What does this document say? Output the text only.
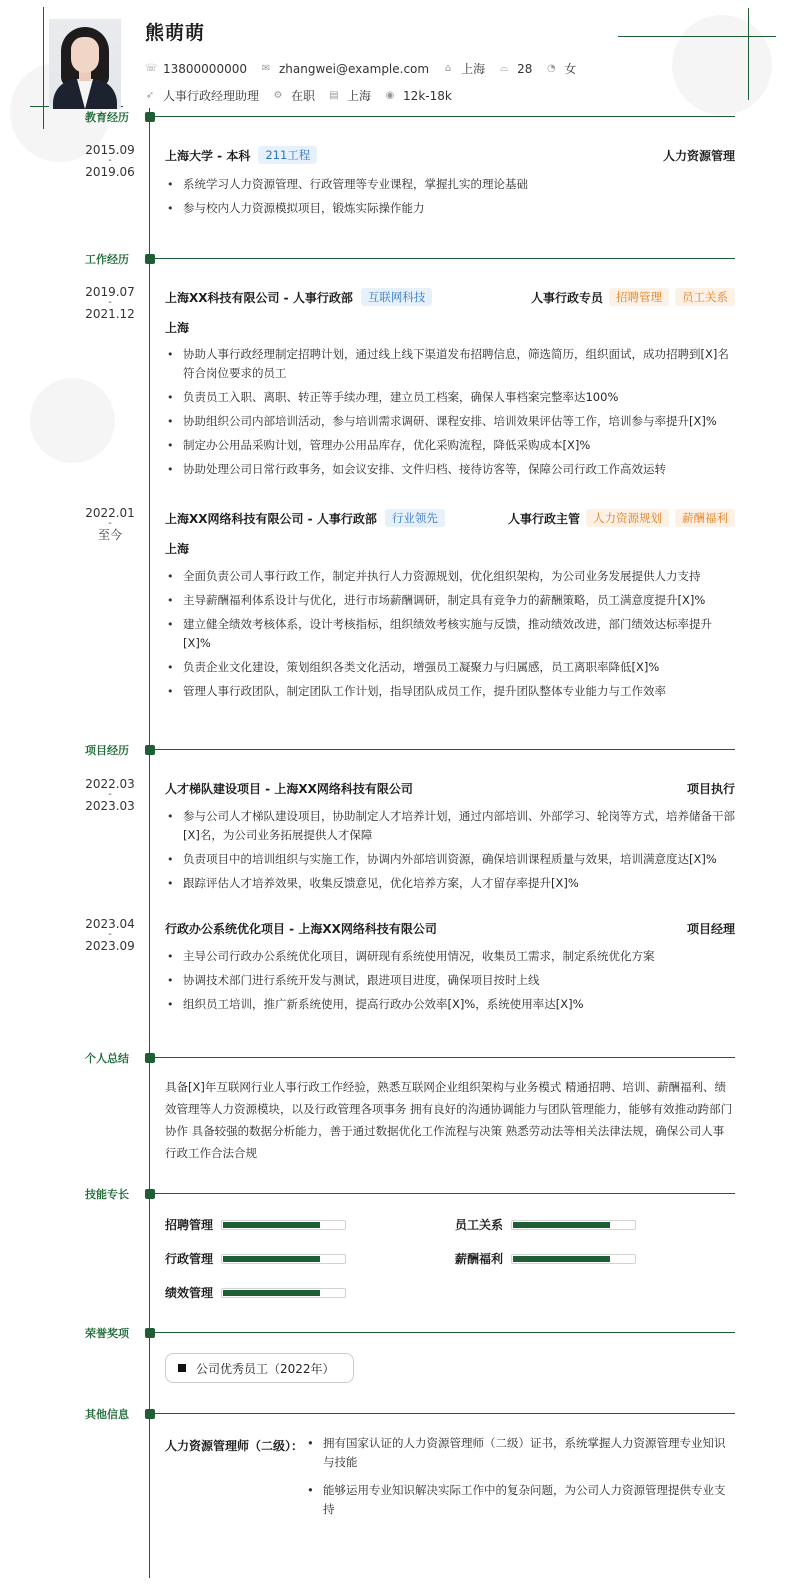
熊萌萌
☏ 13800000000 ✉ zhangwei@example.com ⌂ 上海 ⌓ 28 ◔ 女
➶ 人事行政经理助理 ⚙ 在职 ▤ 上海 ◉ 12k-18k
教育经历
2015.09
-
2019.06
上海大学 - 本科	211工程	人力资源管理
• 系统学习人力资源管理、行政管理等专业课程，掌握扎实的理论基础
• 参与校内人力资源模拟项目，锻炼实际操作能力
工作经历
2019.07
-
2021.12
上海XX科技有限公司 - 人事行政部	互联网科技	人事行政专员	招聘管理	员工关系
上海
• 协助人事行政经理制定招聘计划，通过线上线下渠道发布招聘信息，筛选简历，组织面试，成功招聘到[X]名符合岗位要求的员工
• 负责员工入职、离职、转正等手续办理，建立员工档案，确保人事档案完整率达100%
• 协助组织公司内部培训活动，参与培训需求调研、课程安排、培训效果评估等工作，培训参与率提升[X]%
• 制定办公用品采购计划，管理办公用品库存，优化采购流程，降低采购成本[X]%
• 协助处理公司日常行政事务，如会议安排、文件归档、接待访客等，保障公司行政工作高效运转
2022.01
-
至今
上海XX网络科技有限公司 - 人事行政部	行业领先	人事行政主管	人力资源规划	薪酬福利
上海
• 全面负责公司人事行政工作，制定并执行人力资源规划，优化组织架构，为公司业务发展提供人力支持
• 主导薪酬福利体系设计与优化，进行市场薪酬调研，制定具有竞争力的薪酬策略，员工满意度提升[X]%
• 建立健全绩效考核体系，设计考核指标，组织绩效考核实施与反馈，推动绩效改进，部门绩效达标率提升[X]%
• 负责企业文化建设，策划组织各类文化活动，增强员工凝聚力与归属感，员工离职率降低[X]%
• 管理人事行政团队，制定团队工作计划，指导团队成员工作，提升团队整体专业能力与工作效率
项目经历
2022.03
-
2023.03
人才梯队建设项目 - 上海XX网络科技有限公司	项目执行
• 参与公司人才梯队建设项目，协助制定人才培养计划，通过内部培训、外部学习、轮岗等方式，培养储备干部[X]名，为公司业务拓展提供人才保障
• 负责项目中的培训组织与实施工作，协调内外部培训资源，确保培训课程质量与效果，培训满意度达[X]%
• 跟踪评估人才培养效果，收集反馈意见，优化培养方案，人才留存率提升[X]%
2023.04
-
2023.09
行政办公系统优化项目 - 上海XX网络科技有限公司	项目经理
• 主导公司行政办公系统优化项目，调研现有系统使用情况，收集员工需求，制定系统优化方案
• 协调技术部门进行系统开发与测试，跟进项目进度，确保项目按时上线
• 组织员工培训，推广新系统使用，提高行政办公效率[X]%，系统使用率达[X]%
个人总结
具备[X]年互联网行业人事行政工作经验，熟悉互联网企业组织架构与业务模式 精通招聘、培训、薪酬福利、绩效管理等人力资源模块，以及行政管理各项事务 拥有良好的沟通协调能力与团队管理能力，能够有效推动跨部门协作 具备较强的数据分析能力，善于通过数据优化工作流程与决策 熟悉劳动法等相关法律法规，确保公司人事行政工作合法合规
技能专长
招聘管理	员工关系
行政管理	薪酬福利
绩效管理
荣誉奖项
公司优秀员工（2022年）
其他信息
人力资源管理师（二级）：
•	拥有国家认证的人力资源管理师（二级）证书，系统掌握人力资源管理专业知识与技能
• 能够运用专业知识解决实际工作中的复杂问题，为公司人力资源管理提供专业支持
